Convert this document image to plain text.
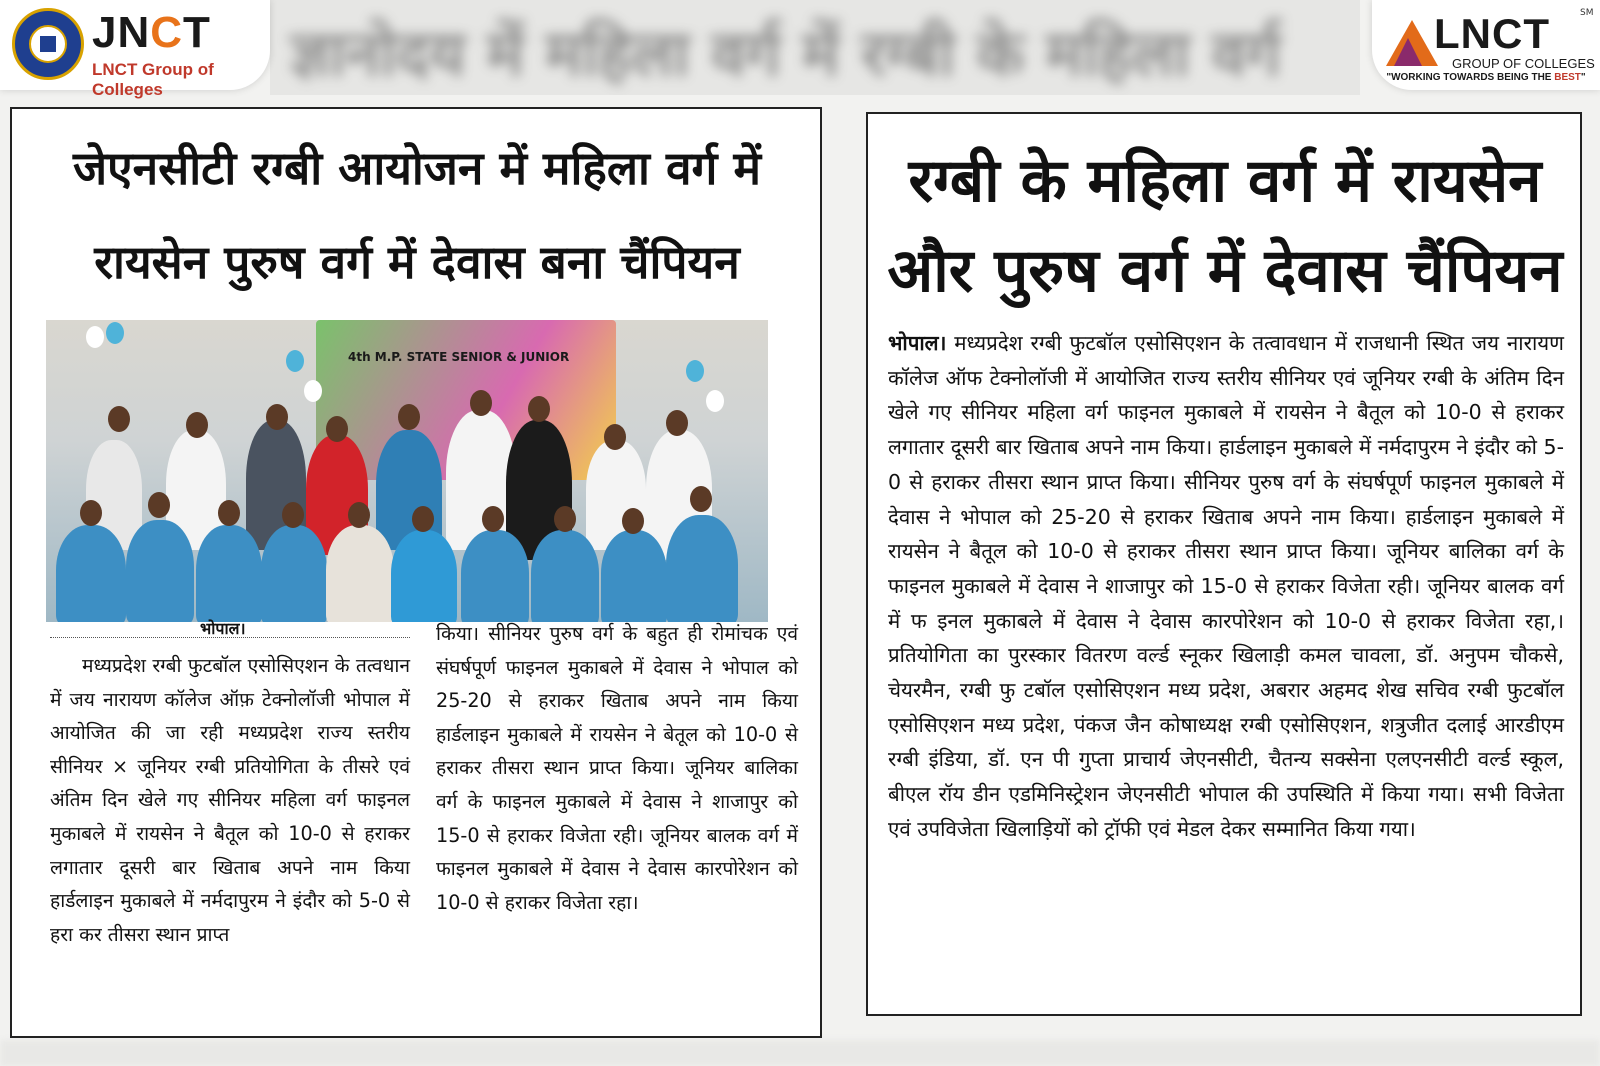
ज्ञानोदय में महिला वर्ग में रग्बी के महिला वर्ग
JNCT
LNCT Group of Colleges
LNCT	SM
GROUP OF COLLEGES
"WORKING TOWARDS BEING THE BEST"
जेएनसीटी रग्बी आयोजन में महिला वर्ग में रायसेन पुरुष वर्ग में देवास बना चैंपियन
4th M.P. STATE SENIOR & JUNIOR
भोपाल।
मध्यप्रदेश रग्बी फुटबॉल एसोसिएशन के तत्वधान में जय नारायण कॉलेज ऑफ़ टेक्नोलॉजी भोपाल में आयोजित की जा रही मध्यप्रदेश राज्य स्तरीय सीनियर × जूनियर रग्बी प्रतियोगिता के तीसरे एवं अंतिम दिन खेले गए सीनियर महिला वर्ग फाइनल मुकाबले में रायसेन ने बैतूल को 10-0 से हराकर लगातार दूसरी बार खिताब अपने नाम किया हार्डलाइन मुकाबले में नर्मदापुरम ने इंदौर को 5-0 से हरा कर तीसरा स्थान प्राप्त
किया। सीनियर पुरुष वर्ग के बहुत ही रोमांचक एवं संघर्षपूर्ण फाइनल मुकाबले में देवास ने भोपाल को 25-20 से हराकर खिताब अपने नाम किया हार्डलाइन मुकाबले में रायसेन ने बेतूल को 10-0 से हराकर तीसरा स्थान प्राप्त किया। जूनियर बालिका वर्ग के फाइनल मुकाबले में देवास ने शाजापुर को 15-0 से हराकर विजेता रही। जूनियर बालक वर्ग में फाइनल मुकाबले में देवास ने देवास कारपोरेशन को 10-0 से हराकर विजेता रहा।
रग्बी के महिला वर्ग में रायसेन और पुरुष वर्ग में देवास चैंपियन
भोपाल। मध्यप्रदेश रग्बी फुटबॉल एसोसिएशन के तत्वावधान में राजधानी स्थित जय नारायण कॉलेज ऑफ टेक्नोलॉजी में आयोजित राज्य स्तरीय सीनियर एवं जूनियर रग्बी के अंतिम दिन खेले गए सीनियर महिला वर्ग फाइनल मुकाबले में रायसेन ने बैतूल को 10-0 से हराकर लगातार दूसरी बार खिताब अपने नाम किया। हार्डलाइन मुकाबले में नर्मदापुरम ने इंदौर को 5-0 से हराकर तीसरा स्थान प्राप्त किया। सीनियर पुरुष वर्ग के संघर्षपूर्ण फाइनल मुकाबले में देवास ने भोपाल को 25-20 से हराकर खिताब अपने नाम किया। हार्डलाइन मुकाबले में रायसेन ने बैतूल को 10-0 से हराकर तीसरा स्थान प्राप्त किया। जूनियर बालिका वर्ग के फाइनल मुकाबले में देवास ने शाजापुर को 15-0 से हराकर विजेता रही। जूनियर बालक वर्ग में फ इनल मुकाबले में देवास ने देवास कारपोरेशन को 10-0 से हराकर विजेता रहा,। प्रतियोगिता का पुरस्कार वितरण वर्ल्ड स्नूकर खिलाड़ी कमल चावला, डॉ. अनुपम चौकसे, चेयरमैन, रग्बी फु टबॉल एसोसिएशन मध्य प्रदेश, अबरार अहमद शेख सचिव रग्बी फुटबॉल एसोसिएशन मध्य प्रदेश, पंकज जैन कोषाध्यक्ष रग्बी एसोसिएशन, शत्रुजीत दलाई आरडीएम रग्बी इंडिया, डॉ. एन पी गुप्ता प्राचार्य जेएनसीटी, चैतन्य सक्सेना एलएनसीटी वर्ल्ड स्कूल, बीएल रॉय डीन एडमिनिस्ट्रेशन जेएनसीटी भोपाल की उपस्थिति में किया गया। सभी विजेता एवं उपविजेता खिलाड़ियों को ट्रॉफी एवं मेडल देकर सम्मानित किया गया।
